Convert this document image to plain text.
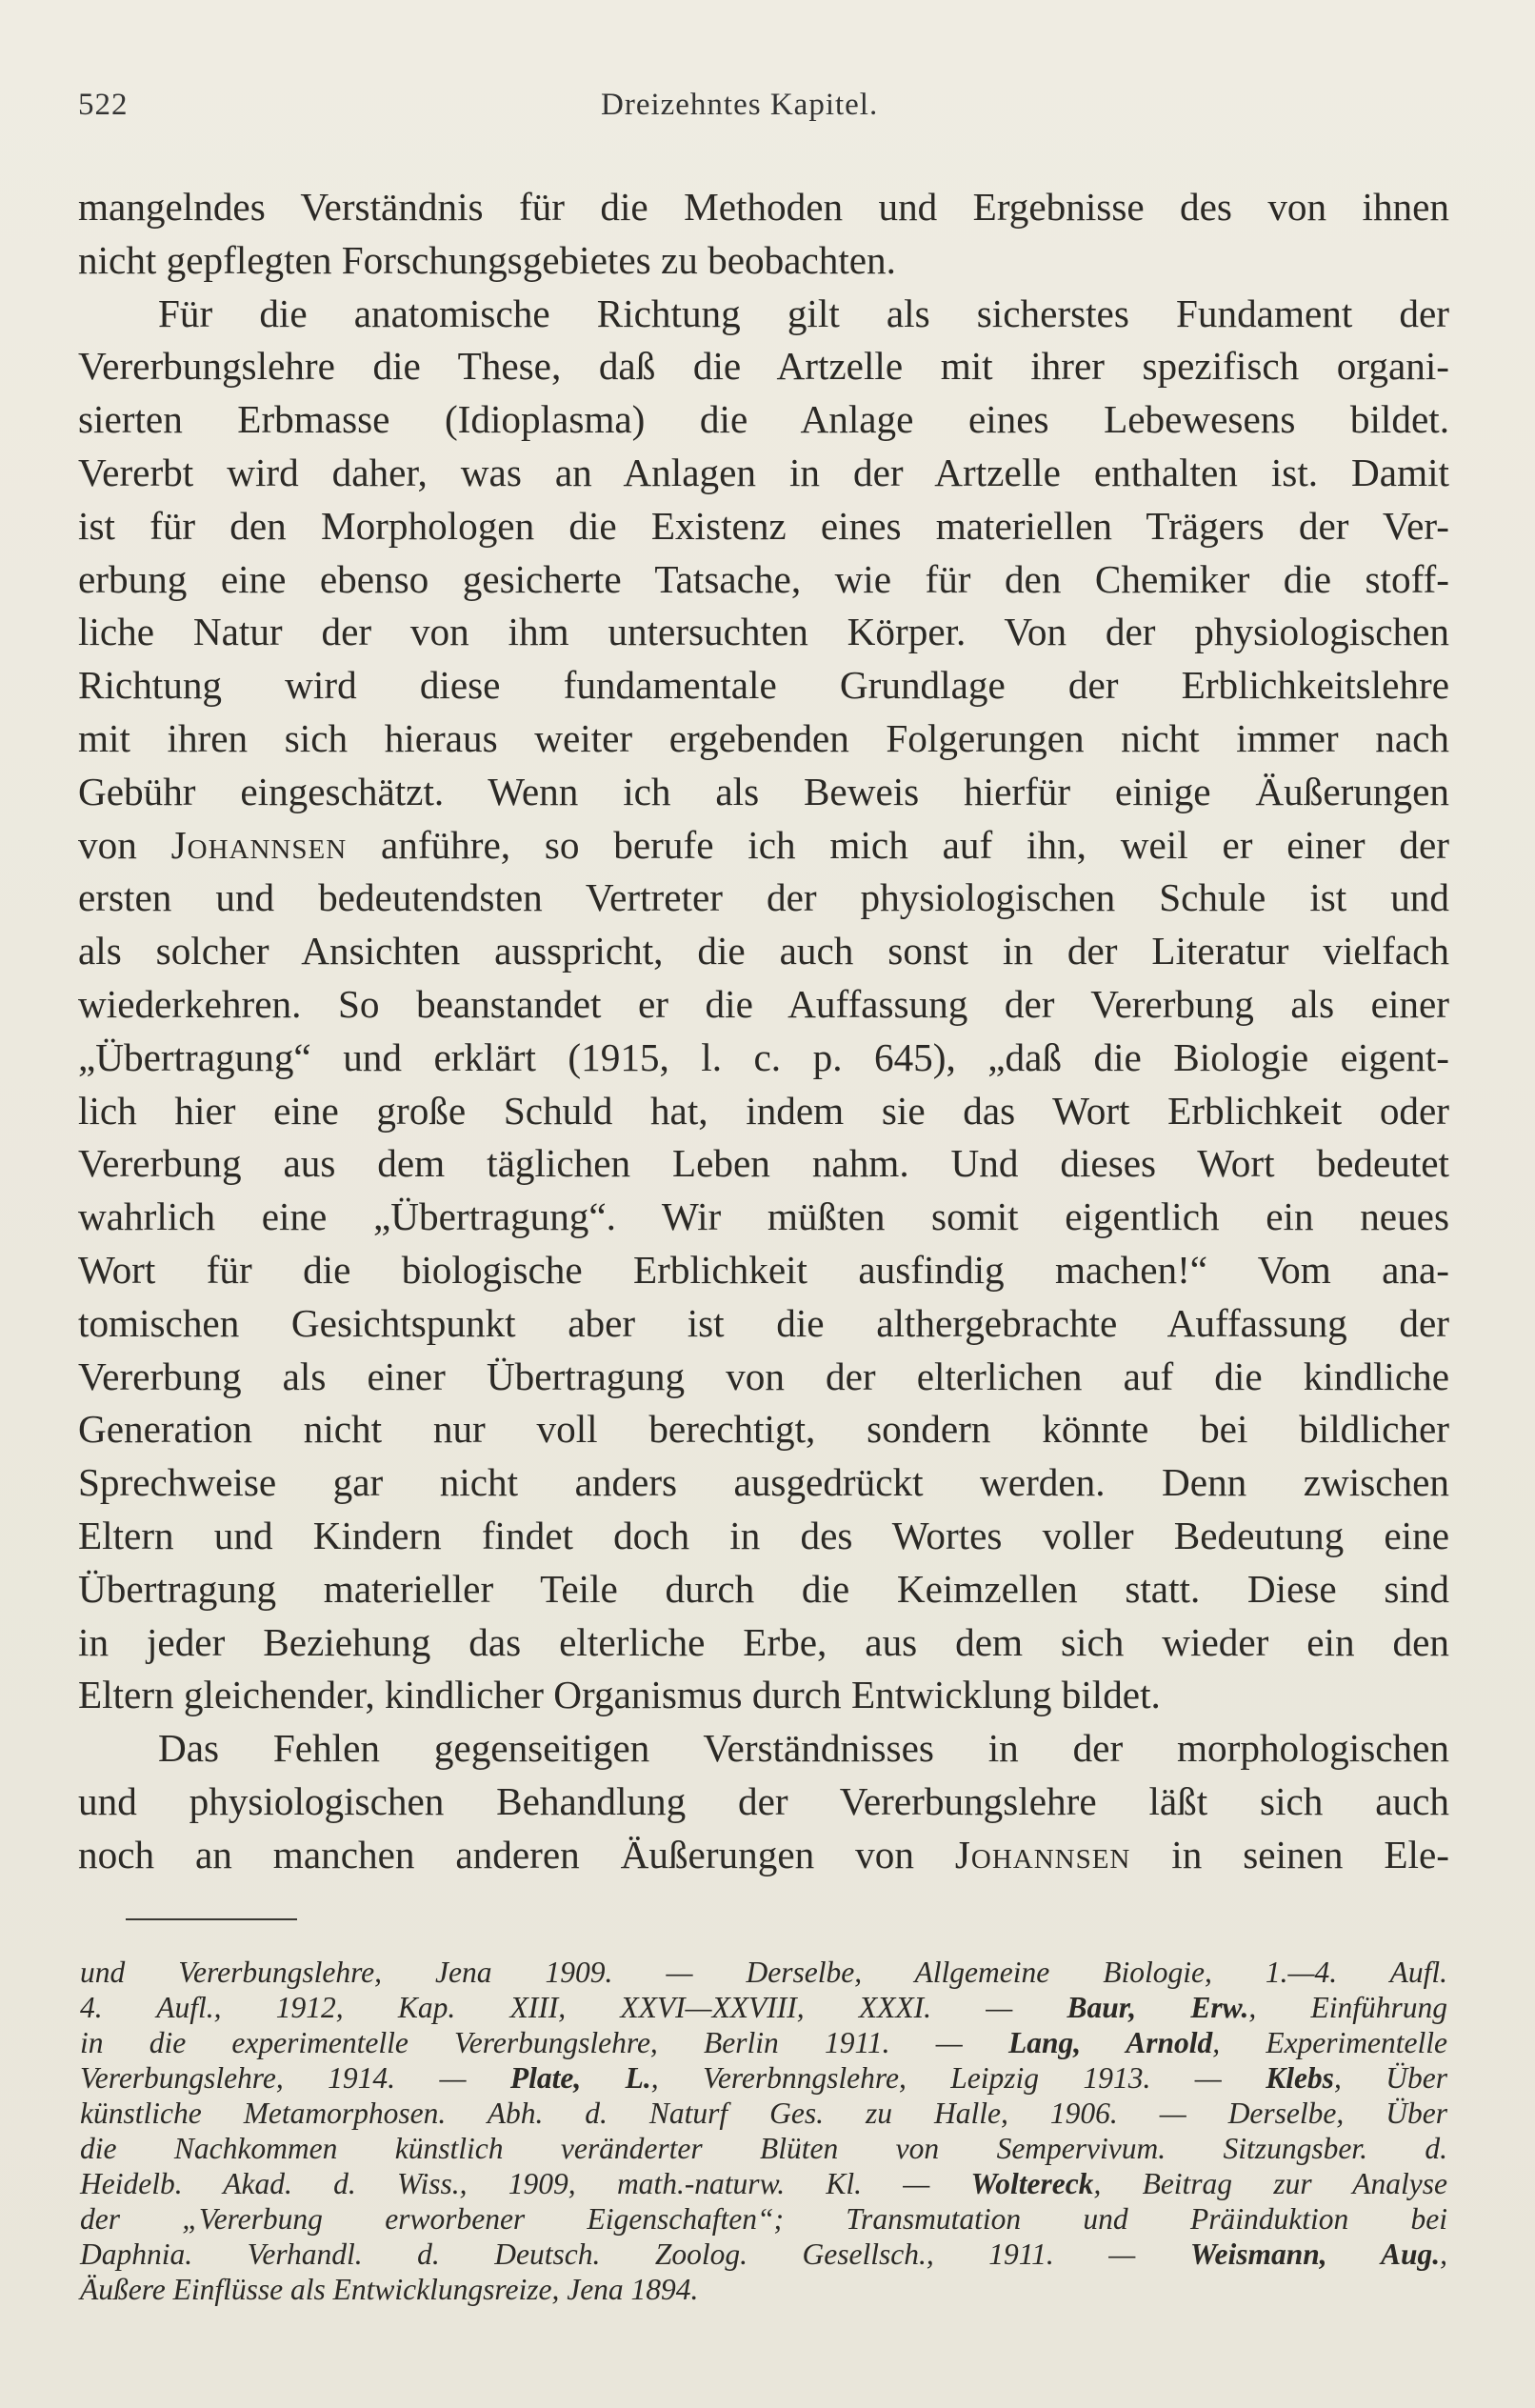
522	Dreizehntes Kapitel.
mangelndes Verständnis für die Methoden und Ergebnisse des von ihnen
nicht gepflegten Forschungsgebietes zu beobachten.
Für die anatomische Richtung gilt als sicherstes Fundament der
Vererbungslehre die These, daß die Artzelle mit ihrer spezifisch organi-
sierten Erbmasse (Idioplasma) die Anlage eines Lebewesens bildet.
Vererbt wird daher, was an Anlagen in der Artzelle enthalten ist. Damit
ist für den Morphologen die Existenz eines materiellen Trägers der Ver-
erbung eine ebenso gesicherte Tatsache, wie für den Chemiker die stoff-
liche Natur der von ihm untersuchten Körper. Von der physiologischen
Richtung wird diese fundamentale Grundlage der Erblichkeitslehre
mit ihren sich hieraus weiter ergebenden Folgerungen nicht immer nach
Gebühr eingeschätzt. Wenn ich als Beweis hierfür einige Äußerungen
von Johannsen anführe, so berufe ich mich auf ihn, weil er einer der
ersten und bedeutendsten Vertreter der physiologischen Schule ist und
als solcher Ansichten ausspricht, die auch sonst in der Literatur vielfach
wiederkehren. So beanstandet er die Auffassung der Vererbung als einer
„Übertragung“ und erklärt (1915, l. c. p. 645), „daß die Biologie eigent-
lich hier eine große Schuld hat, indem sie das Wort Erblichkeit oder
Vererbung aus dem täglichen Leben nahm. Und dieses Wort bedeutet
wahrlich eine „Übertragung“. Wir müßten somit eigentlich ein neues
Wort für die biologische Erblichkeit ausfindig machen!“ Vom ana-
tomischen Gesichtspunkt aber ist die althergebrachte Auffassung der
Vererbung als einer Übertragung von der elterlichen auf die kindliche
Generation nicht nur voll berechtigt, sondern könnte bei bildlicher
Sprechweise gar nicht anders ausgedrückt werden. Denn zwischen
Eltern und Kindern findet doch in des Wortes voller Bedeutung eine
Übertragung materieller Teile durch die Keimzellen statt. Diese sind
in jeder Beziehung das elterliche Erbe, aus dem sich wieder ein den
Eltern gleichender, kindlicher Organismus durch Entwicklung bildet.
Das Fehlen gegenseitigen Verständnisses in der morphologischen
und physiologischen Behandlung der Vererbungslehre läßt sich auch
noch an manchen anderen Äußerungen von Johannsen in seinen Ele-
und Vererbungslehre, Jena 1909. — Derselbe, Allgemeine Biologie, 1.—4. Aufl.
4. Aufl., 1912, Kap. XIII, XXVI—XXVIII, XXXI. — Baur, Erw., Einführung
in die experimentelle Vererbungslehre, Berlin 1911. — Lang, Arnold, Experimentelle
Vererbungslehre, 1914. — Plate, L., Vererbnngslehre, Leipzig 1913. — Klebs, Über
künstliche Metamorphosen. Abh. d. Naturf Ges. zu Halle, 1906. — Derselbe, Über
die Nachkommen künstlich veränderter Blüten von Sempervivum. Sitzungsber. d.
Heidelb. Akad. d. Wiss., 1909, math.-naturw. Kl. — Woltereck, Beitrag zur Analyse
der „Vererbung erworbener Eigenschaften“; Transmutation und Präinduktion bei
Daphnia. Verhandl. d. Deutsch. Zoolog. Gesellsch., 1911. — Weismann, Aug.,
Äußere Einflüsse als Entwicklungsreize, Jena 1894.
